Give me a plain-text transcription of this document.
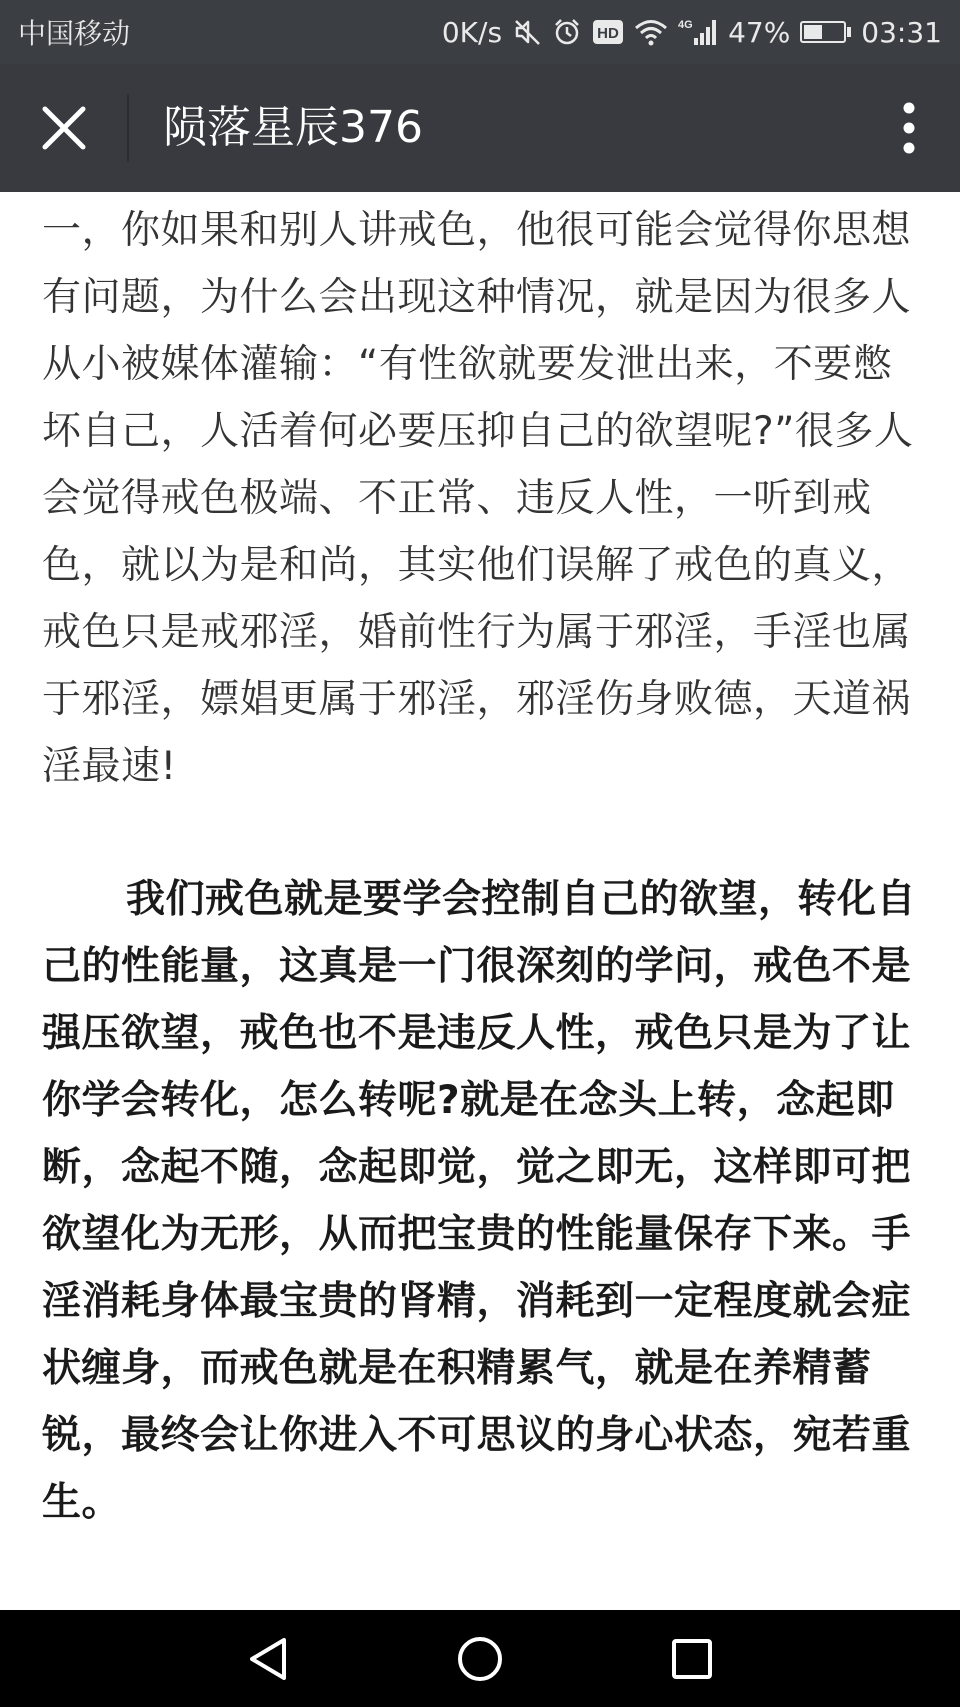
中国移动	0K/s	HD	4G 47%	03:31
陨落星辰376

一，你如果和别人讲戒色，他很可能会觉得你思想有问题，为什么会出现这种情况，就是因为很多人从小被媒体灌输：“有性欲就要发泄出来，不要憋坏自己，人活着何必要压抑自己的欲望呢?”很多人会觉得戒色极端、不正常、违反人性，一听到戒色，就以为是和尚，其实他们误解了戒色的真义，戒色只是戒邪淫，婚前性行为属于邪淫，手淫也属于邪淫，嫖娼更属于邪淫，邪淫伤身败德，天道祸淫最速!

我们戒色就是要学会控制自己的欲望，转化自己的性能量，这真是一门很深刻的学问，戒色不是强压欲望，戒色也不是违反人性，戒色只是为了让你学会转化，怎么转呢?就是在念头上转，念起即断，念起不随，念起即觉，觉之即无，这样即可把欲望化为无形，从而把宝贵的性能量保存下来。手淫消耗身体最宝贵的肾精，消耗到一定程度就会症状缠身，而戒色就是在积精累气，就是在养精蓄锐，最终会让你进入不可思议的身心状态，宛若重生。
